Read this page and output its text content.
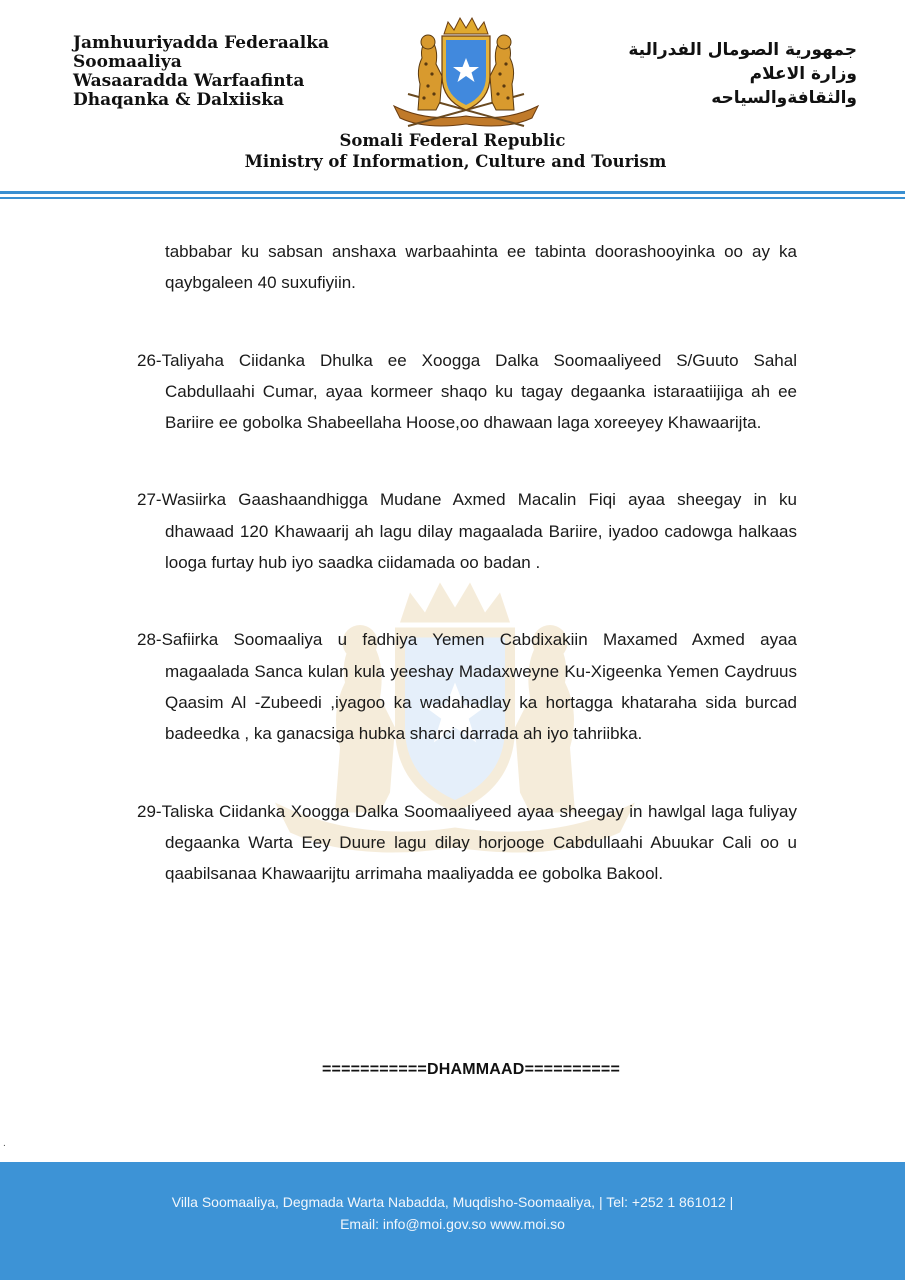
Jamhuuriyadda Federaalka
Soomaaliya
Wasaaradda Warfaafinta
Dhaqanka & Dalxiiska
جمهورية الصومال الفدرالية
وزارة الاعلام
والثقافةوالسياحه
Somali Federal Republic
Ministry of Information, Culture and Tourism

tabbabar ku sabsan anshaxa warbaahinta ee tabinta doorashooyinka oo ay ka qaybgaleen 40 suxufiyiin.

26-Taliyaha Ciidanka Dhulka ee Xoogga Dalka Soomaaliyeed S/Guuto Sahal Cabdullaahi Cumar, ayaa kormeer shaqo ku tagay degaanka istaraatiijiga ah ee Bariire ee gobolka Shabeellaha Hoose,oo dhawaan laga xoreeyey Khawaarijta.

27-Wasiirka Gaashaandhigga Mudane Axmed Macalin Fiqi ayaa sheegay in ku dhawaad 120 Khawaarij ah lagu dilay magaalada Bariire, iyadoo cadowga halkaas looga furtay hub iyo saadka ciidamada oo badan .

28-Safiirka Soomaaliya u fadhiya Yemen Cabdixakiin Maxamed Axmed ayaa magaalada Sanca kulan kula yeeshay Madaxweyne Ku-Xigeenka Yemen Caydruus Qaasim Al -Zubeedi ,iyagoo ka wadahadlay ka hortagga khataraha sida burcad badeedka , ka ganacsiga hubka sharci darrada ah iyo tahriibka.

29-Taliska Ciidanka Xoogga Dalka Soomaaliyeed ayaa sheegay in hawlgal laga fuliyay degaanka Warta Eey Duure lagu dilay horjooge Cabdullaahi Abuukar Cali oo u qaabilsanaa Khawaarijtu arrimaha maaliyadda ee gobolka Bakool.

===========DHAMMAAD==========
.
Villa Soomaaliya, Degmada Warta Nabadda, Muqdisho-Soomaaliya, | Tel: +252 1 861012 |
Email: info@moi.gov.so www.moi.so
